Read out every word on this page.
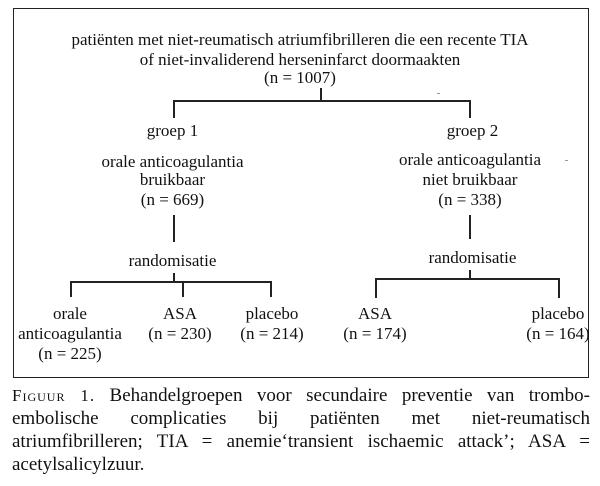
patiënten met niet-reumatisch atriumfibrilleren die een recente TIA
of niet-invaliderend herseninfarct doormaakten
(n = 1007)
groep 1
orale anticoagulantia
bruikbaar
(n = 669)
randomisatie
orale
anticoagulantia
(n = 225)
ASA
(n = 230)
placebo
(n = 214)
groep 2
orale anticoagulantia
niet bruikbaar
(n = 338)
randomisatie
ASA
(n = 174)
placebo
(n = 164)
Figuur 1. Behandelgroepen voor secundaire preventie van trombo-embolische complicaties bij patiënten met niet-reumatisch atriumfibrilleren; TIA = anemie‘transient ischaemic attack’; ASA = acetylsalicylzuur.
